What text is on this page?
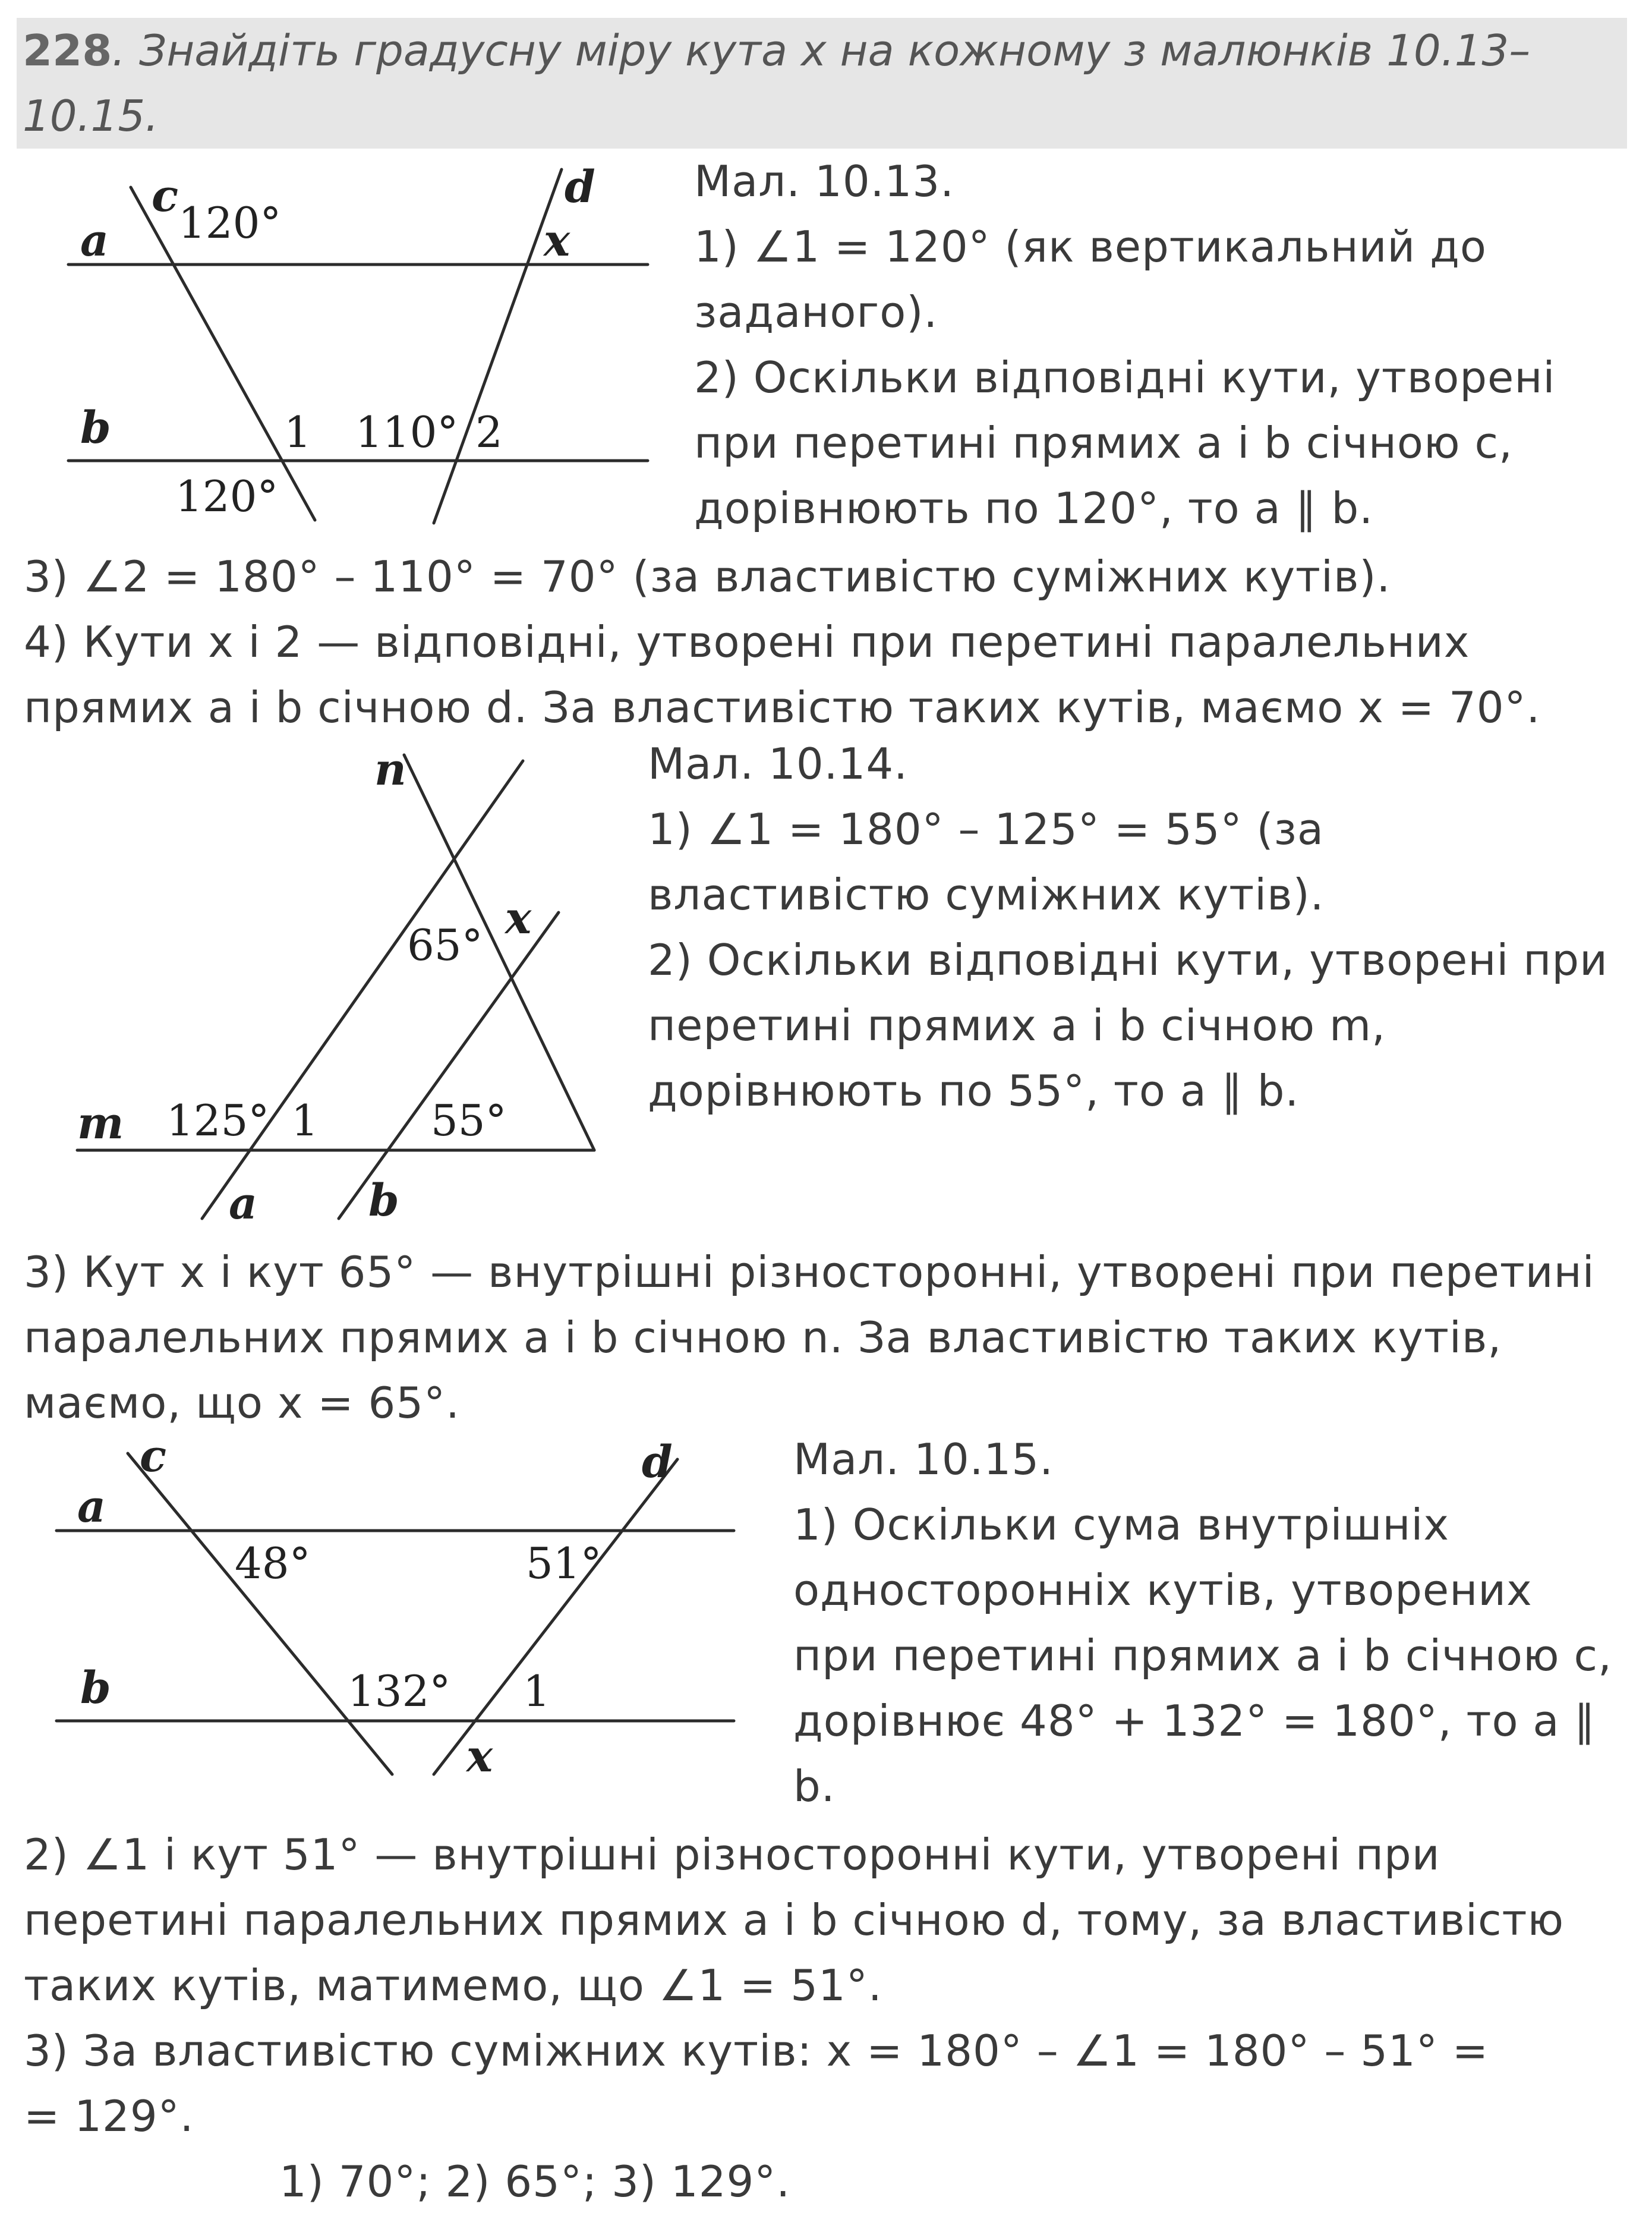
228. Знайдіть градусну міру кута x на кожному з малюнків 10.13–
10.15.
a
b
c	d
x
120°
1 110° 2
120°
Мал. 10.13.
1) ∠1 = 120° (як вертикальний до
заданого).
2) Оскільки відповідні кути, утворені
при перетині прямих a і b січною c,
дорівнюють по 120°, то a ∥ b.
3) ∠2 = 180° – 110° = 70° (за властивістю суміжних кутів).
4) Кути x і 2 — відповідні, утворені при перетині паралельних
прямих a і b січною d. За властивістю таких кутів, маємо x = 70°.
n
m
a	b
x
65°
125° 1	55°
Мал. 10.14.
1) ∠1 = 180° – 125° = 55° (за
властивістю суміжних кутів).
2) Оскільки відповідні кути, утворені при
перетині прямих a і b січною m,
дорівнюють по 55°, то a ∥ b.
3) Кут x і кут 65° — внутрішні різносторонні, утворені при перетині
паралельних прямих a і b січною n. За властивістю таких кутів,
маємо, що x = 65°.
a
b
c	d
x
48°	51°
132° 1
Мал. 10.15.
1) Оскільки сума внутрішніх
односторонніх кутів, утворених
при перетині прямих a і b січною c,
дорівнює 48° + 132° = 180°, то a ∥
b.
2) ∠1 і кут 51° — внутрішні різносторонні кути, утворені при
перетині паралельних прямих a і b січною d, тому, за властивістю
таких кутів, матимемо, що ∠1 = 51°.
3) За властивістю суміжних кутів: x = 180° – ∠1 = 180° – 51° =
= 129°.
1) 70°; 2) 65°; 3) 129°.
